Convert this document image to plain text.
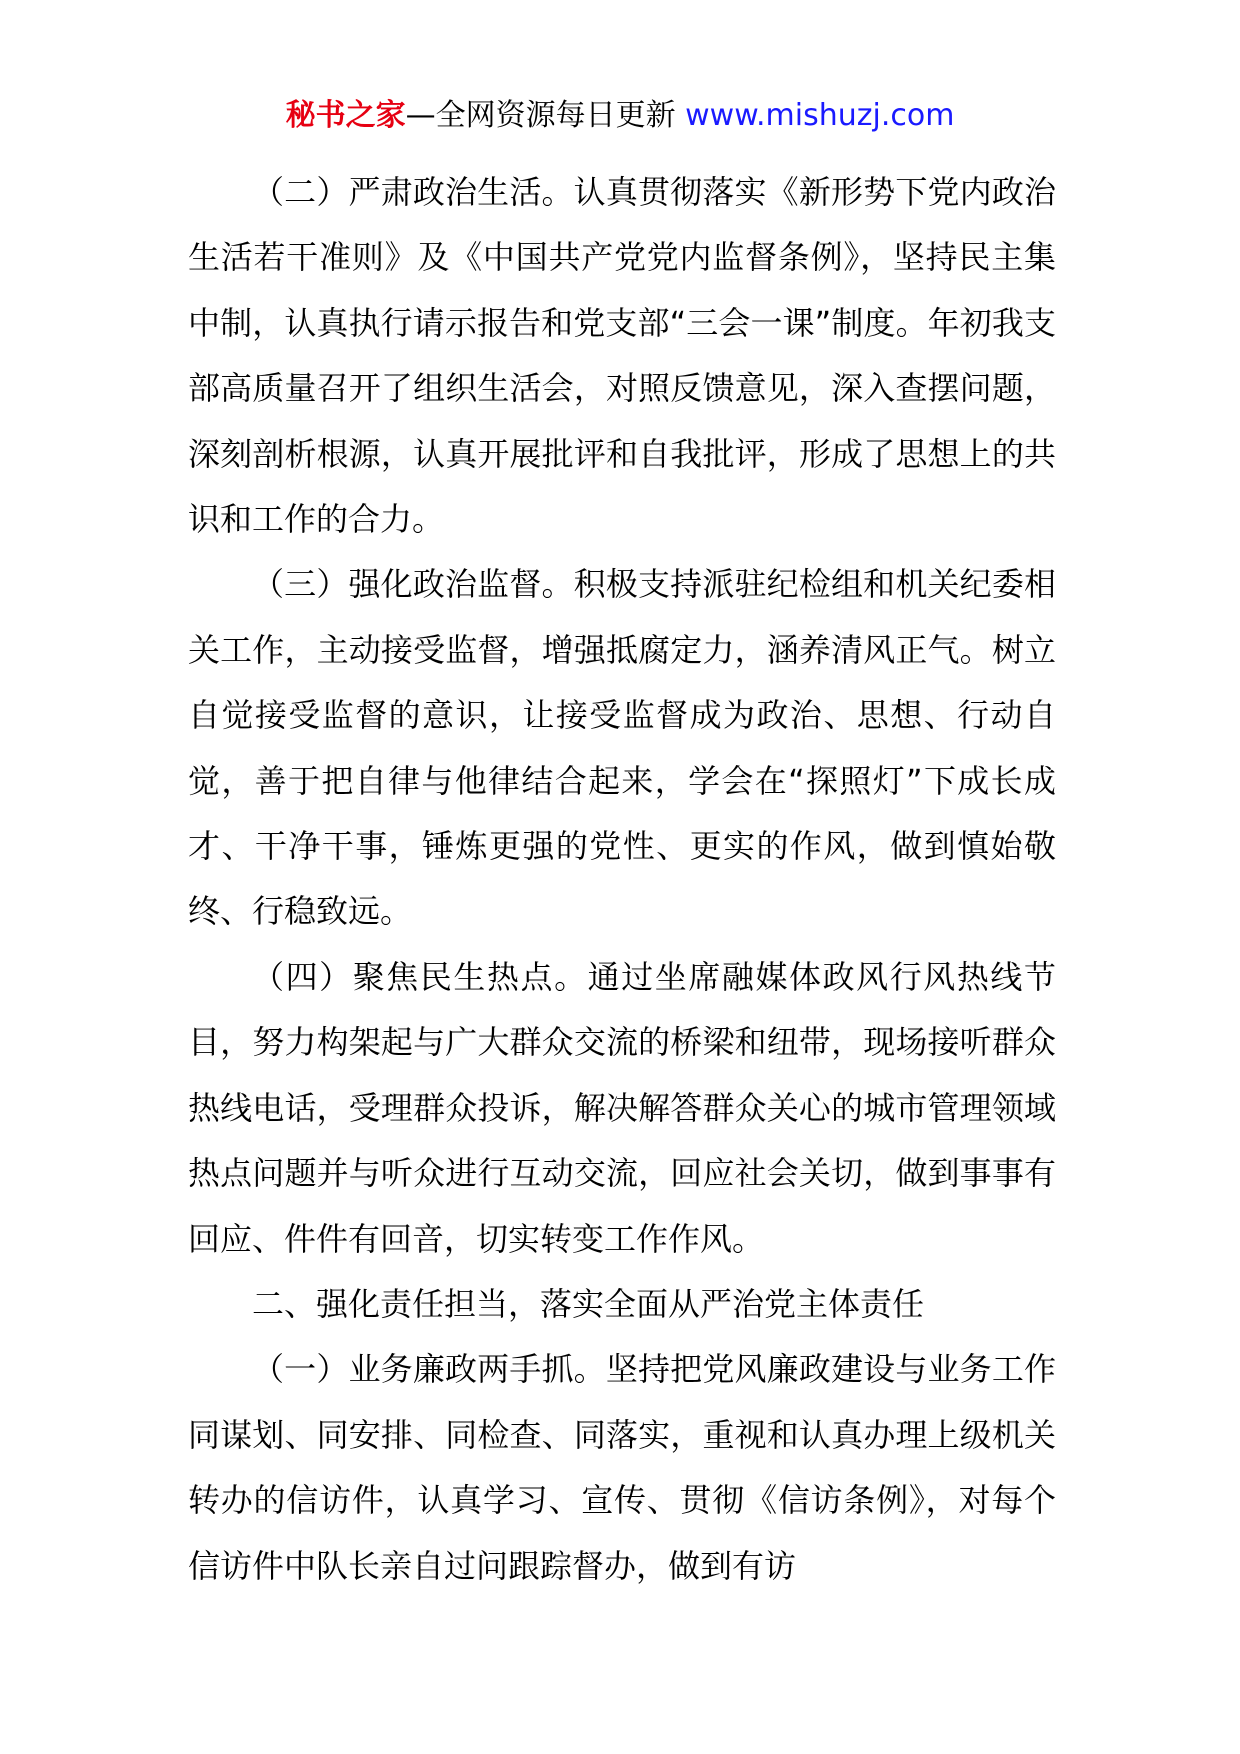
秘书之家—全网资源每日更新 www.mishuzj.com

（二）严肃政治生活。认真贯彻落实《新形势下党内政治生活若干准则》及《中国共产党党内监督条例》，坚持民主集中制，认真执行请示报告和党支部“三会一课”制度。年初我支部高质量召开了组织生活会，对照反馈意见，深入查摆问题，深刻剖析根源，认真开展批评和自我批评，形成了思想上的共识和工作的合力。

（三）强化政治监督。积极支持派驻纪检组和机关纪委相关工作，主动接受监督，增强抵腐定力，涵养清风正气。树立自觉接受监督的意识，让接受监督成为政治、思想、行动自觉，善于把自律与他律结合起来，学会在“探照灯”下成长成才、干净干事，锤炼更强的党性、更实的作风，做到慎始敬终、行稳致远。

（四）聚焦民生热点。通过坐席融媒体政风行风热线节目，努力构架起与广大群众交流的桥梁和纽带，现场接听群众热线电话，受理群众投诉，解决解答群众关心的城市管理领域热点问题并与听众进行互动交流，回应社会关切，做到事事有回应、件件有回音，切实转变工作作风。

二、强化责任担当，落实全面从严治党主体责任

（一）业务廉政两手抓。坚持把党风廉政建设与业务工作同谋划、同安排、同检查、同落实，重视和认真办理上级机关转办的信访件，认真学习、宣传、贯彻《信访条例》，对每个信访件中队长亲自过问跟踪督办，做到有访
